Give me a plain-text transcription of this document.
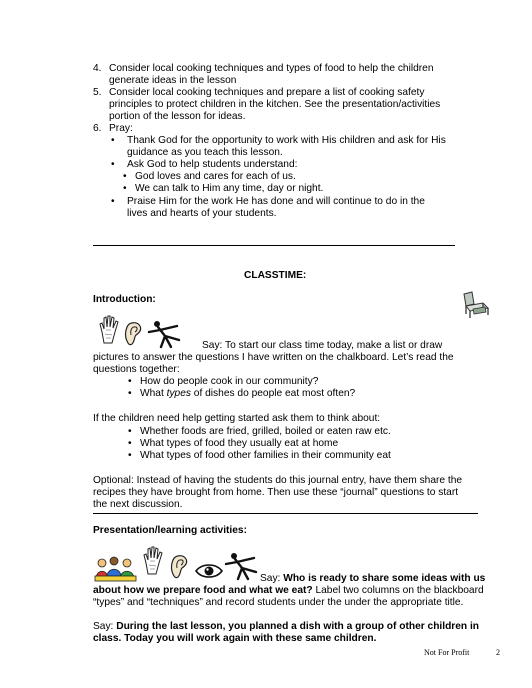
4. Consider local cooking techniques and types of food to help the children
generate ideas in the lesson
5. Consider local cooking techniques and prepare a list of cooking safety
principles to protect children in the kitchen. See the presentation/activities
portion of the lesson for ideas.
6. Pray:
• Thank God for the opportunity to work with His children and ask for His
guidance as you teach this lesson.
• Ask God to help students understand:
• God loves and cares for each of us.
• We can talk to Him any time, day or night.
• Praise Him for the work He has done and will continue to do in the
lives and hearts of your students.
CLASSTIME:
Introduction:
Say: To start our class time today, make a list or draw
pictures to answer the questions I have written on the chalkboard. Let’s read the
questions together:
• How do people cook in our community?
• What types of dishes do people eat most often?
If the children need help getting started ask them to think about:
• Whether foods are fried, grilled, boiled or eaten raw etc.
• What types of food they usually eat at home
• What types of food other families in their community eat
Optional: Instead of having the students do this journal entry, have them share the
recipes they have brought from home. Then use these “journal” questions to start
the next discussion.
Presentation/learning activities:
Say: Who is ready to share some ideas with us
about how we prepare food and what we eat? Label two columns on the blackboard
“types” and “techniques” and record students under the under the appropriate title.
Say: During the last lesson, you planned a dish with a group of other children in
class. Today you will work again with these same children.
Not For Profit	2
